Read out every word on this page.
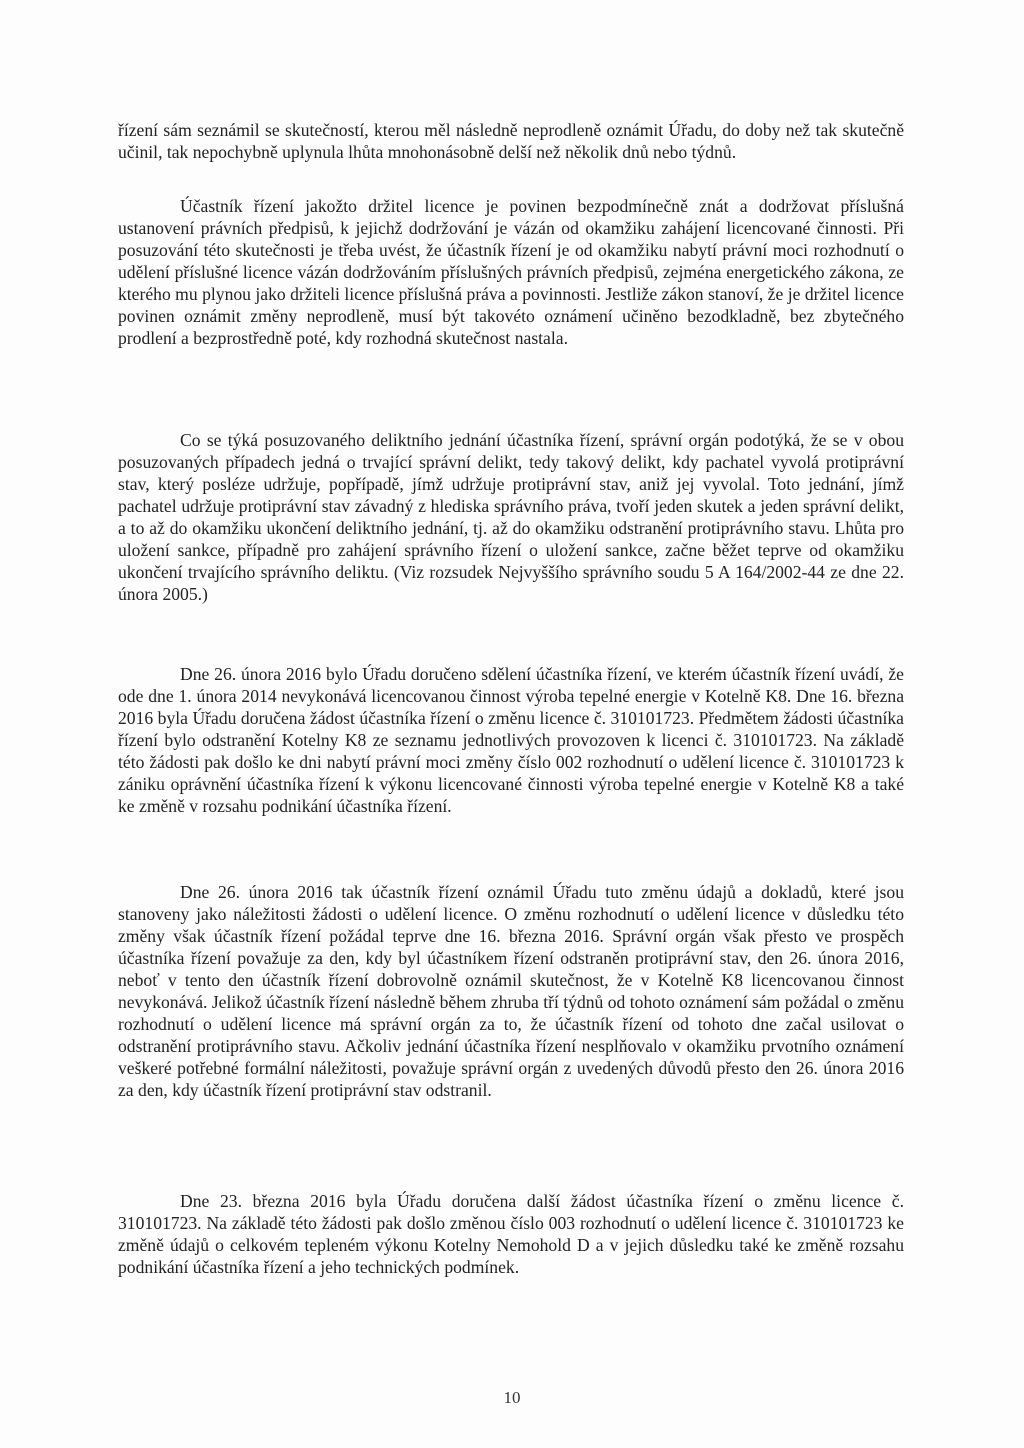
řízení sám seznámil se skutečností, kterou měl následně neprodleně oznámit Úřadu, do doby než tak skutečně učinil, tak nepochybně uplynula lhůta mnohonásobně delší než několik dnů nebo týdnů.

Účastník řízení jakožto držitel licence je povinen bezpodmínečně znát a dodržovat příslušná ustanovení právních předpisů, k jejichž dodržování je vázán od okamžiku zahájení licencované činnosti. Při posuzování této skutečnosti je třeba uvést, že účastník řízení je od okamžiku nabytí právní moci rozhodnutí o udělení příslušné licence vázán dodržováním příslušných právních předpisů, zejména energetického zákona, ze kterého mu plynou jako držiteli licence příslušná práva a povinnosti. Jestliže zákon stanoví, že je držitel licence povinen oznámit změny neprodleně, musí být takovéto oznámení učiněno bezodkladně, bez zbytečného prodlení a bezprostředně poté, kdy rozhodná skutečnost nastala.

Co se týká posuzovaného deliktního jednání účastníka řízení, správní orgán podotýká, že se v obou posuzovaných případech jedná o trvající správní delikt, tedy takový delikt, kdy pachatel vyvolá protiprávní stav, který posléze udržuje, popřípadě, jímž udržuje protiprávní stav, aniž jej vyvolal. Toto jednání, jímž pachatel udržuje protiprávní stav závadný z hlediska správního práva, tvoří jeden skutek a jeden správní delikt, a to až do okamžiku ukončení deliktního jednání, tj. až do okamžiku odstranění protiprávního stavu. Lhůta pro uložení sankce, případně pro zahájení správního řízení o uložení sankce, začne běžet teprve od okamžiku ukončení trvajícího správního deliktu. (Viz rozsudek Nejvyššího správního soudu 5 A 164/2002-44 ze dne 22. února 2005.)

Dne 26. února 2016 bylo Úřadu doručeno sdělení účastníka řízení, ve kterém účastník řízení uvádí, že ode dne 1. února 2014 nevykonává licencovanou činnost výroba tepelné energie v Kotelně K8. Dne 16. března 2016 byla Úřadu doručena žádost účastníka řízení o změnu licence č. 310101723. Předmětem žádosti účastníka řízení bylo odstranění Kotelny K8 ze seznamu jednotlivých provozoven k licenci č. 310101723. Na základě této žádosti pak došlo ke dni nabytí právní moci změny číslo 002 rozhodnutí o udělení licence č. 310101723 k zániku oprávnění účastníka řízení k výkonu licencované činnosti výroba tepelné energie v Kotelně K8 a také ke změně v rozsahu podnikání účastníka řízení.

Dne 26. února 2016 tak účastník řízení oznámil Úřadu tuto změnu údajů a dokladů, které jsou stanoveny jako náležitosti žádosti o udělení licence. O změnu rozhodnutí o udělení licence v důsledku této změny však účastník řízení požádal teprve dne 16. března 2016. Správní orgán však přesto ve prospěch účastníka řízení považuje za den, kdy byl účastníkem řízení odstraněn protiprávní stav, den 26. února 2016, neboť v tento den účastník řízení dobrovolně oznámil skutečnost, že v Kotelně K8 licencovanou činnost nevykonává. Jelikož účastník řízení následně během zhruba tří týdnů od tohoto oznámení sám požádal o změnu rozhodnutí o udělení licence má správní orgán za to, že účastník řízení od tohoto dne začal usilovat o odstranění protiprávního stavu. Ačkoliv jednání účastníka řízení nesplňovalo v okamžiku prvotního oznámení veškeré potřebné formální náležitosti, považuje správní orgán z uvedených důvodů přesto den 26. února 2016 za den, kdy účastník řízení protiprávní stav odstranil.

Dne 23. března 2016 byla Úřadu doručena další žádost účastníka řízení o změnu licence č. 310101723. Na základě této žádosti pak došlo změnou číslo 003 rozhodnutí o udělení licence č. 310101723 ke změně údajů o celkovém tepleném výkonu Kotelny Nemohold D a v jejich důsledku také ke změně rozsahu podnikání účastníka řízení a jeho technických podmínek.

10
